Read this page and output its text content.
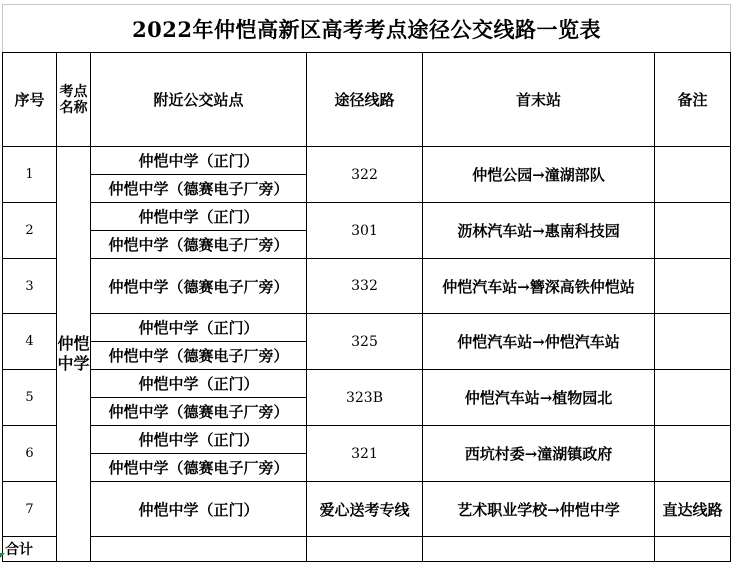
2022年仲恺高新区高考考点途径公交线路一览表						
序号	考点名称	附近公交站点	途径线路	首末站	备注	
1	仲恺中学	仲恺中学（正门）	322	仲恺公园→潼湖部队		
		仲恺中学（德赛电子厂旁）				
2		仲恺中学（正门）	301	沥林汽车站→惠南科技园		
		仲恺中学（德赛电子厂旁）				
3		仲恺中学（德赛电子厂旁）	332	仲恺汽车站→簪深高铁仲恺站		
4		仲恺中学（正门）	325	仲恺汽车站→仲恺汽车站		
		仲恺中学（德赛电子厂旁）				
5		仲恺中学（正门）	323B	仲恺汽车站→植物园北		
		仲恺中学（德赛电子厂旁）				
6		仲恺中学（正门）	321	西坑村委→潼湖镇政府		
		仲恺中学（德赛电子厂旁）				
7		仲恺中学（正门）	爱心送考专线	艺术职业学校→仲恺中学	直达线路	
合计						
